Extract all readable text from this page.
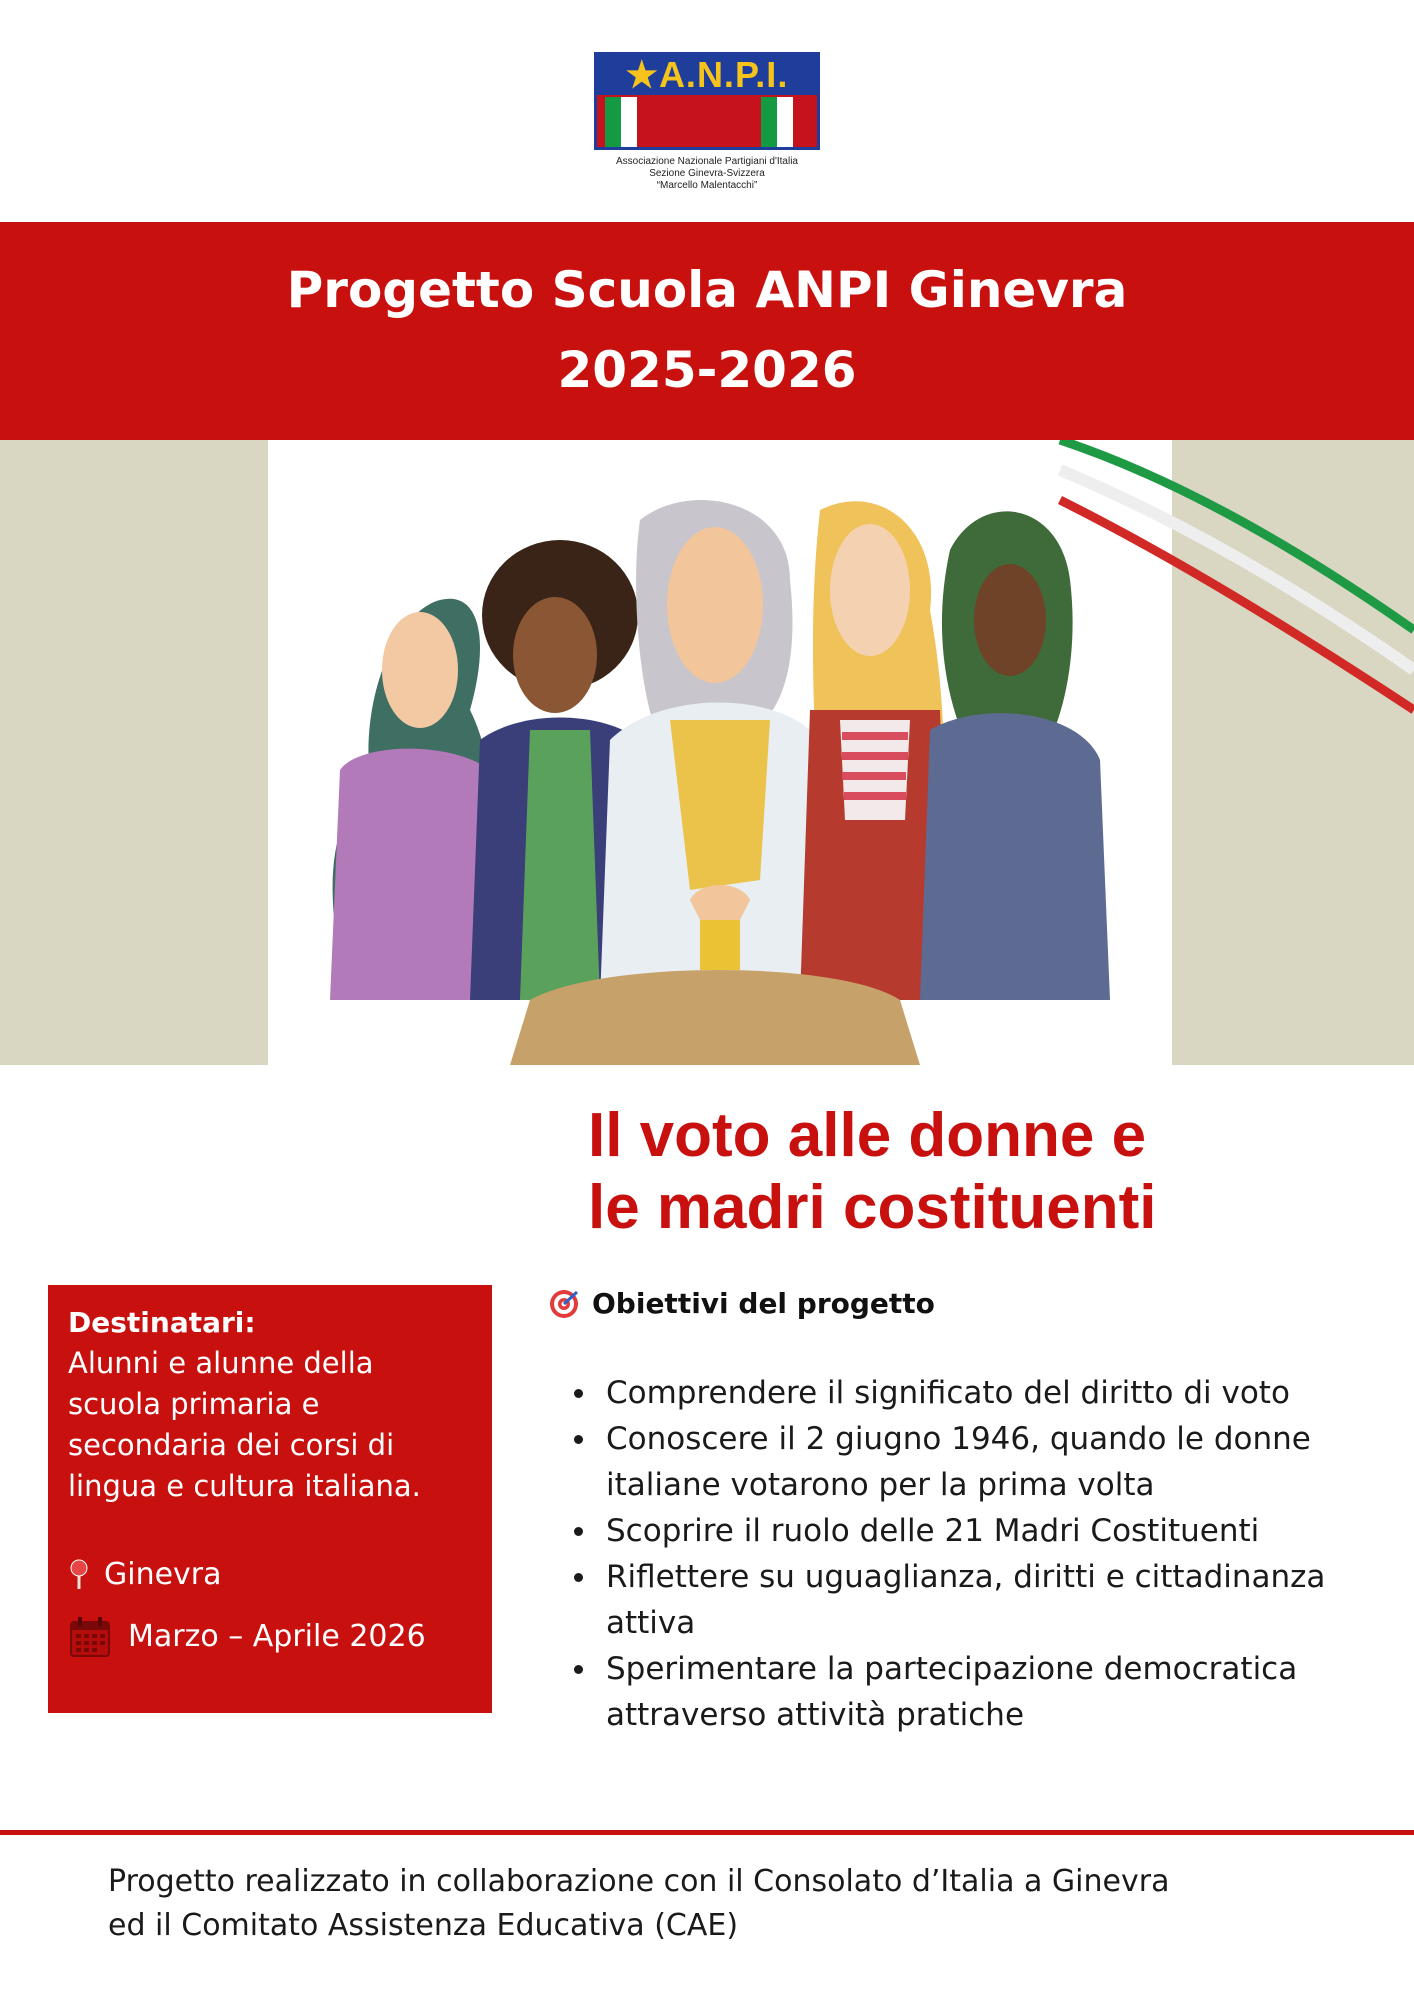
★A.N.P.I.
Associazione Nazionale Partigiani d'Italia
Sezione Ginevra-Svizzera
“Marcello Malentacchi”
Progetto Scuola ANPI Ginevra
2025-2026
Il voto alle donne e
le madri costituenti
Destinatari:
Alunni e alunne della
scuola primaria e
secondaria dei corsi di
lingua e cultura italiana.
Ginevra
Marzo – Aprile 2026
Obiettivi del progetto
Comprendere il significato del diritto di voto
Conoscere il 2 giugno 1946, quando le donne italiane votarono per la prima volta
Scoprire il ruolo delle 21 Madri Costituenti
Riflettere su uguaglianza, diritti e cittadinanza attiva
Sperimentare la partecipazione democratica attraverso attività pratiche
Progetto realizzato in collaborazione con il Consolato d’Italia a Ginevra
ed il Comitato Assistenza Educativa (CAE)
